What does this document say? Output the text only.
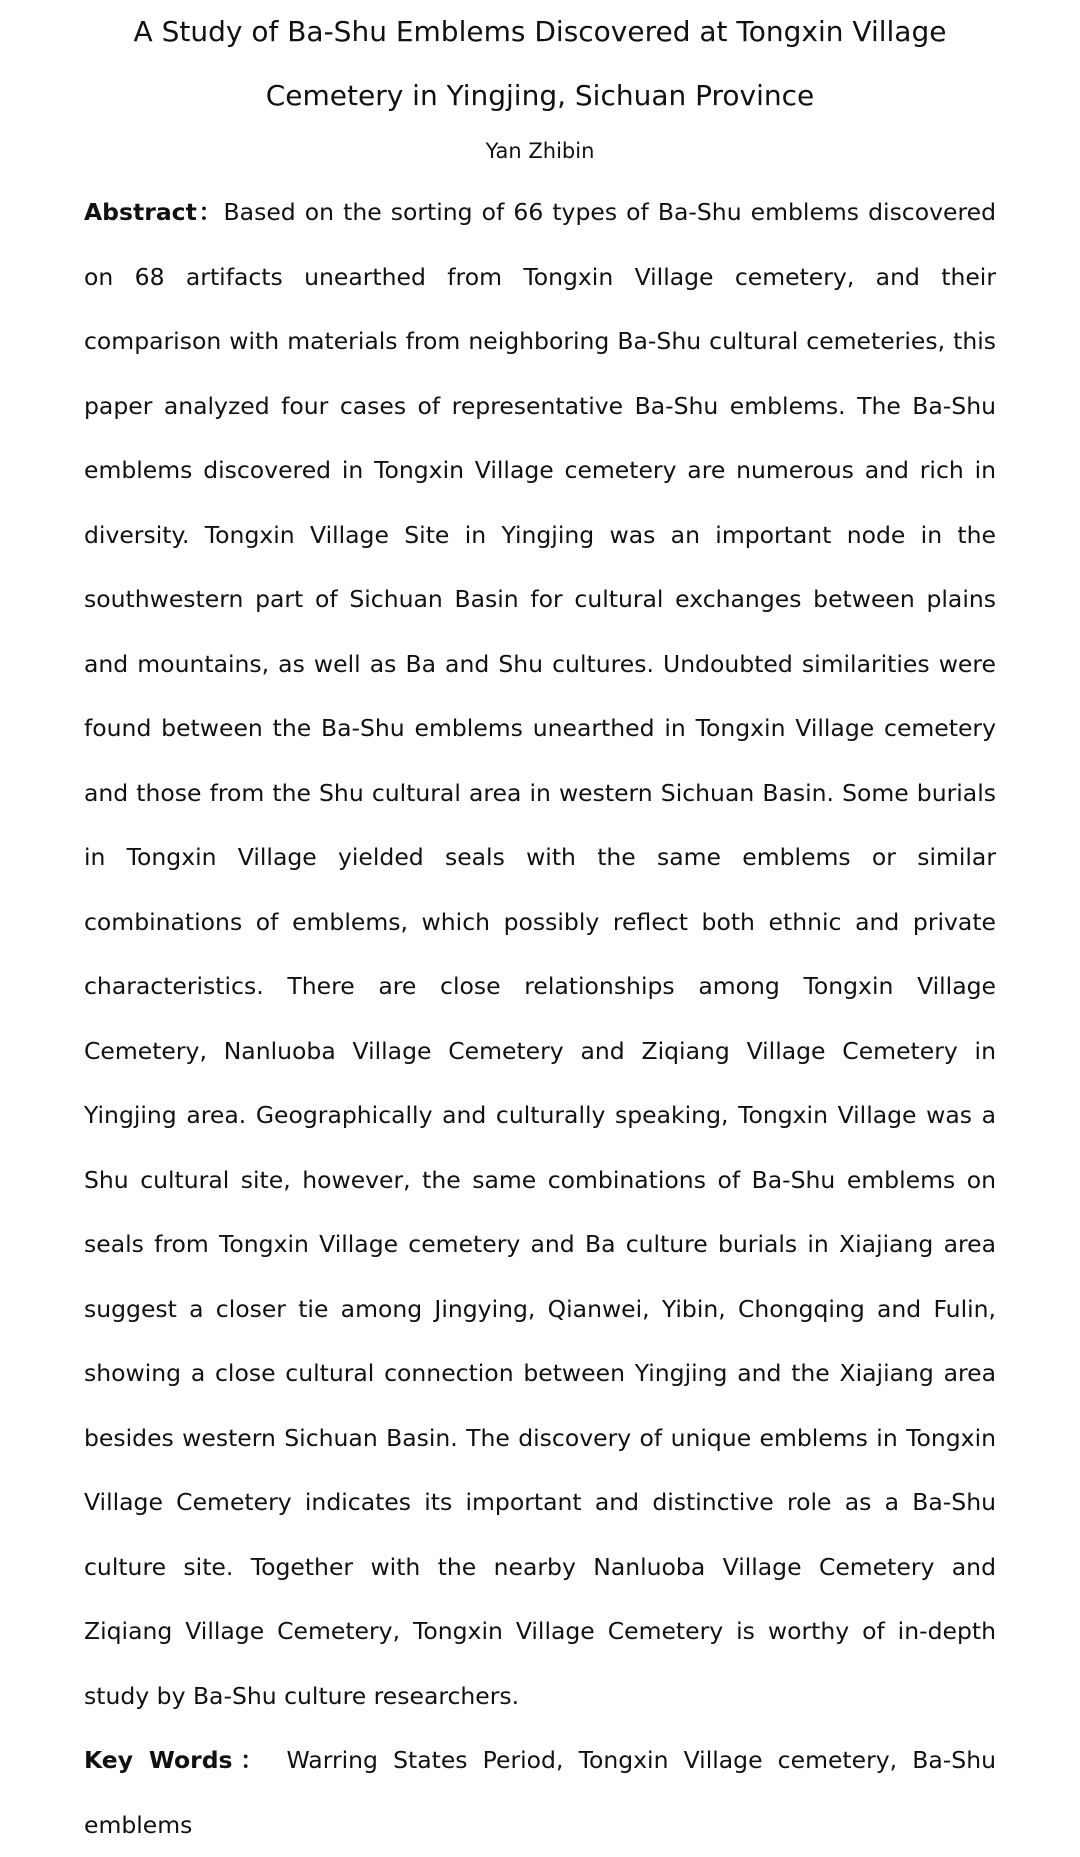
A Study of Ba-Shu Emblems Discovered at Tongxin Village
Cemetery in Yingjing, Sichuan Province
Yan Zhibin

Abstract：Based on the sorting of 66 types of Ba-Shu emblems discovered on 68 artifacts unearthed from Tongxin Village cemetery, and their comparison with materials from neighboring Ba-Shu cultural cemeteries, this paper analyzed four cases of representative Ba-Shu emblems. The Ba-Shu emblems discovered in Tongxin Village cemetery are numerous and rich in diversity. Tongxin Village Site in Yingjing was an important node in the southwestern part of Sichuan Basin for cultural exchanges between plains and mountains, as well as Ba and Shu cultures. Undoubted similarities were found between the Ba-Shu emblems unearthed in Tongxin Village cemetery and those from the Shu cultural area in western Sichuan Basin. Some burials in Tongxin Village yielded seals with the same emblems or similar combinations of emblems, which possibly reflect both ethnic and private characteristics. There are close relationships among Tongxin Village Cemetery, Nanluoba Village Cemetery and Ziqiang Village Cemetery in Yingjing area. Geographically and culturally speaking, Tongxin Village was a Shu cultural site, however, the same combinations of Ba-Shu emblems on seals from Tongxin Village cemetery and Ba culture burials in Xiajiang area suggest a closer tie among Jingying, Qianwei, Yibin, Chongqing and Fulin, showing a close cultural connection between Yingjing and the Xiajiang area besides western Sichuan Basin. The discovery of unique emblems in Tongxin Village Cemetery indicates its important and distinctive role as a Ba-Shu culture site. Together with the nearby Nanluoba Village Cemetery and Ziqiang Village Cemetery, Tongxin Village Cemetery is worthy of in-depth study by Ba-Shu culture researchers.

Key Words： Warring States Period, Tongxin Village cemetery, Ba-Shu emblems
